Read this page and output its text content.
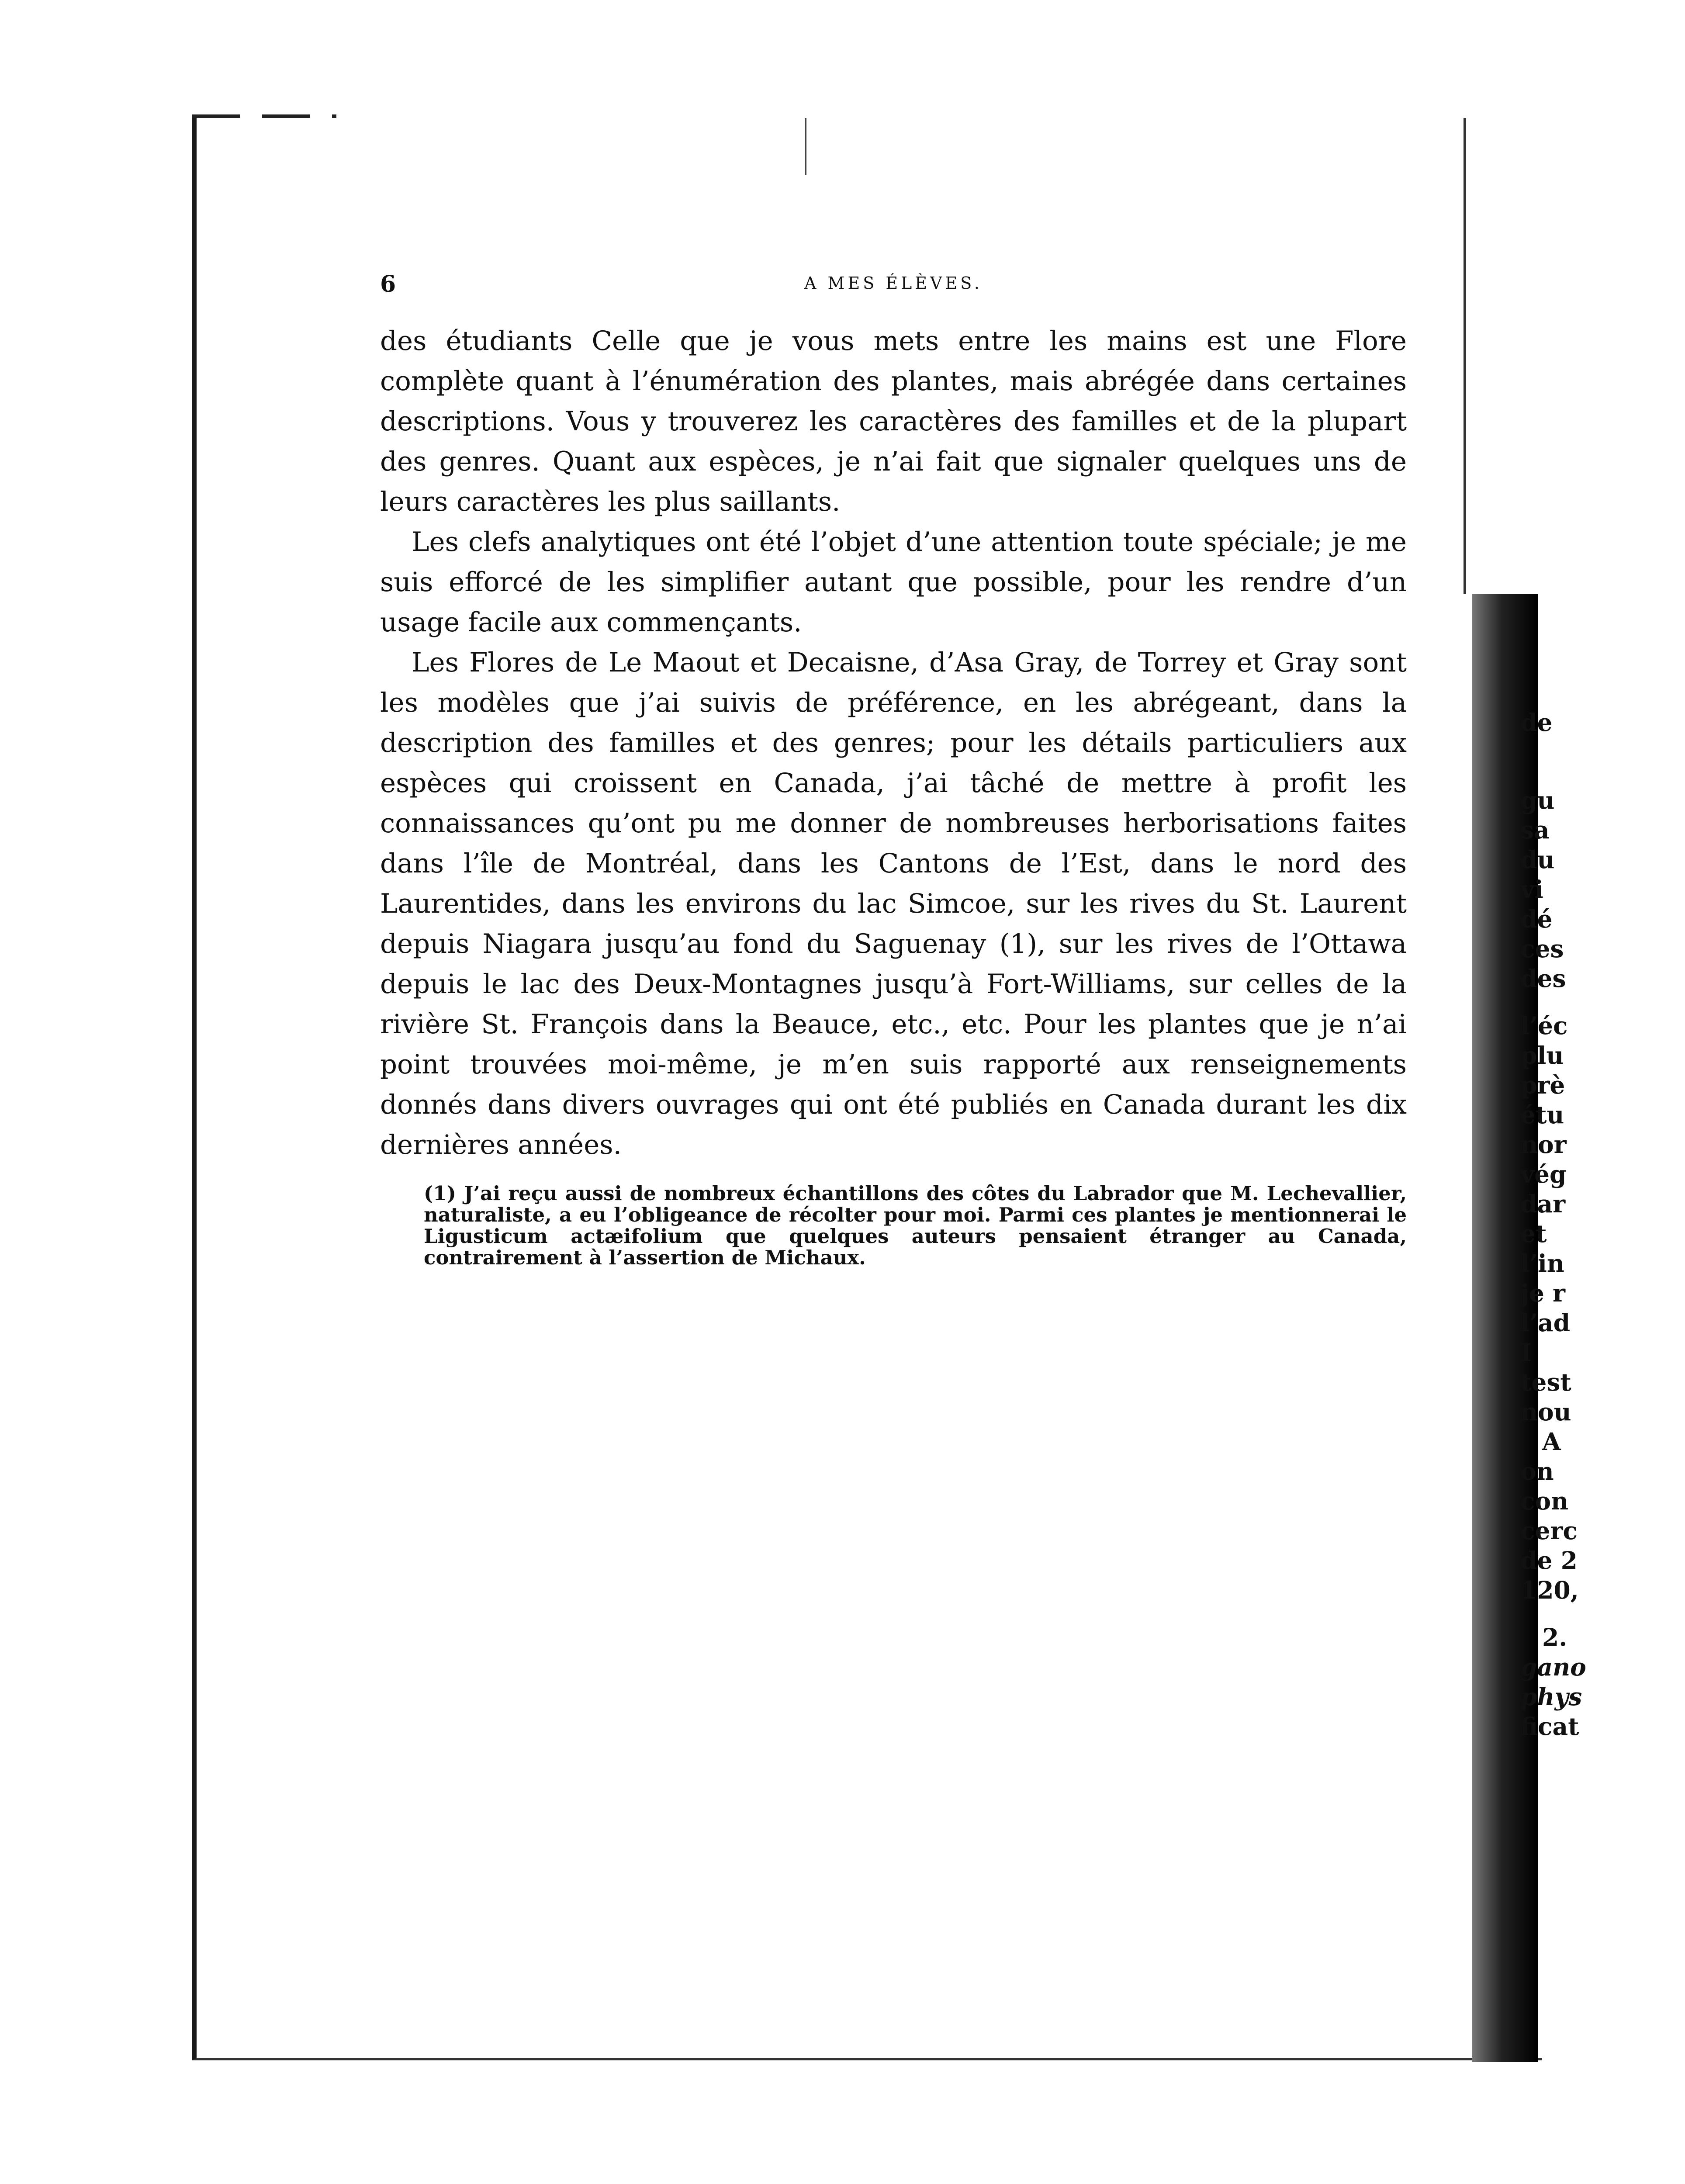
6	A MES ÉLÈVES.

des étudiants Celle que je vous mets entre les mains est une Flore complète quant à l’énumération des plantes, mais abrégée dans certaines descriptions. Vous y trouverez les caractères des familles et de la plupart des genres. Quant aux espèces, je n’ai fait que signaler quelques uns de leurs caractères les plus saillants.

Les clefs analytiques ont été l’objet d’une attention toute spéciale; je me suis efforcé de les simplifier autant que possible, pour les rendre d’un usage facile aux commençants.

Les Flores de Le Maout et Decaisne, d’Asa Gray, de Torrey et Gray sont les modèles que j’ai suivis de préférence, en les abrégeant, dans la description des familles et des genres; pour les détails particuliers aux espèces qui croissent en Canada, j’ai tâché de mettre à profit les connaissances qu’ont pu me donner de nombreuses herborisations faites dans l’île de Montréal, dans les Cantons de l’Est, dans le nord des Laurentides, dans les environs du lac Simcoe, sur les rives du St. Laurent depuis Niagara jusqu’au fond du Saguenay (1), sur les rives de l’Ottawa depuis le lac des Deux-Montagnes jusqu’à Fort-Williams, sur celles de la rivière St. François dans la Beauce, etc., etc. Pour les plantes que je n’ai point trouvées moi-même, je m’en suis rapporté aux renseignements donnés dans divers ouvrages qui ont été publiés en Canada durant les dix dernières années.

(1) J’ai reçu aussi de nombreux échantillons des côtes du Labrador que M. Lechevallier, naturaliste, a eu l’obligeance de récolter pour moi. Parmi ces plantes je mentionnerai le Ligusticum actæifolium que quelques auteurs pensaient étranger au Canada, contrairement à l’assertion de Michaux.
de
gu
sa
du
vi
dé
ces
des
l’éc
plu
prè
étu
nor
vég
dar
et
l’in
je r
l’ad
I
test
nou
A
on
con
cerc
de 2
120,
2.
gano
phys
ficat
